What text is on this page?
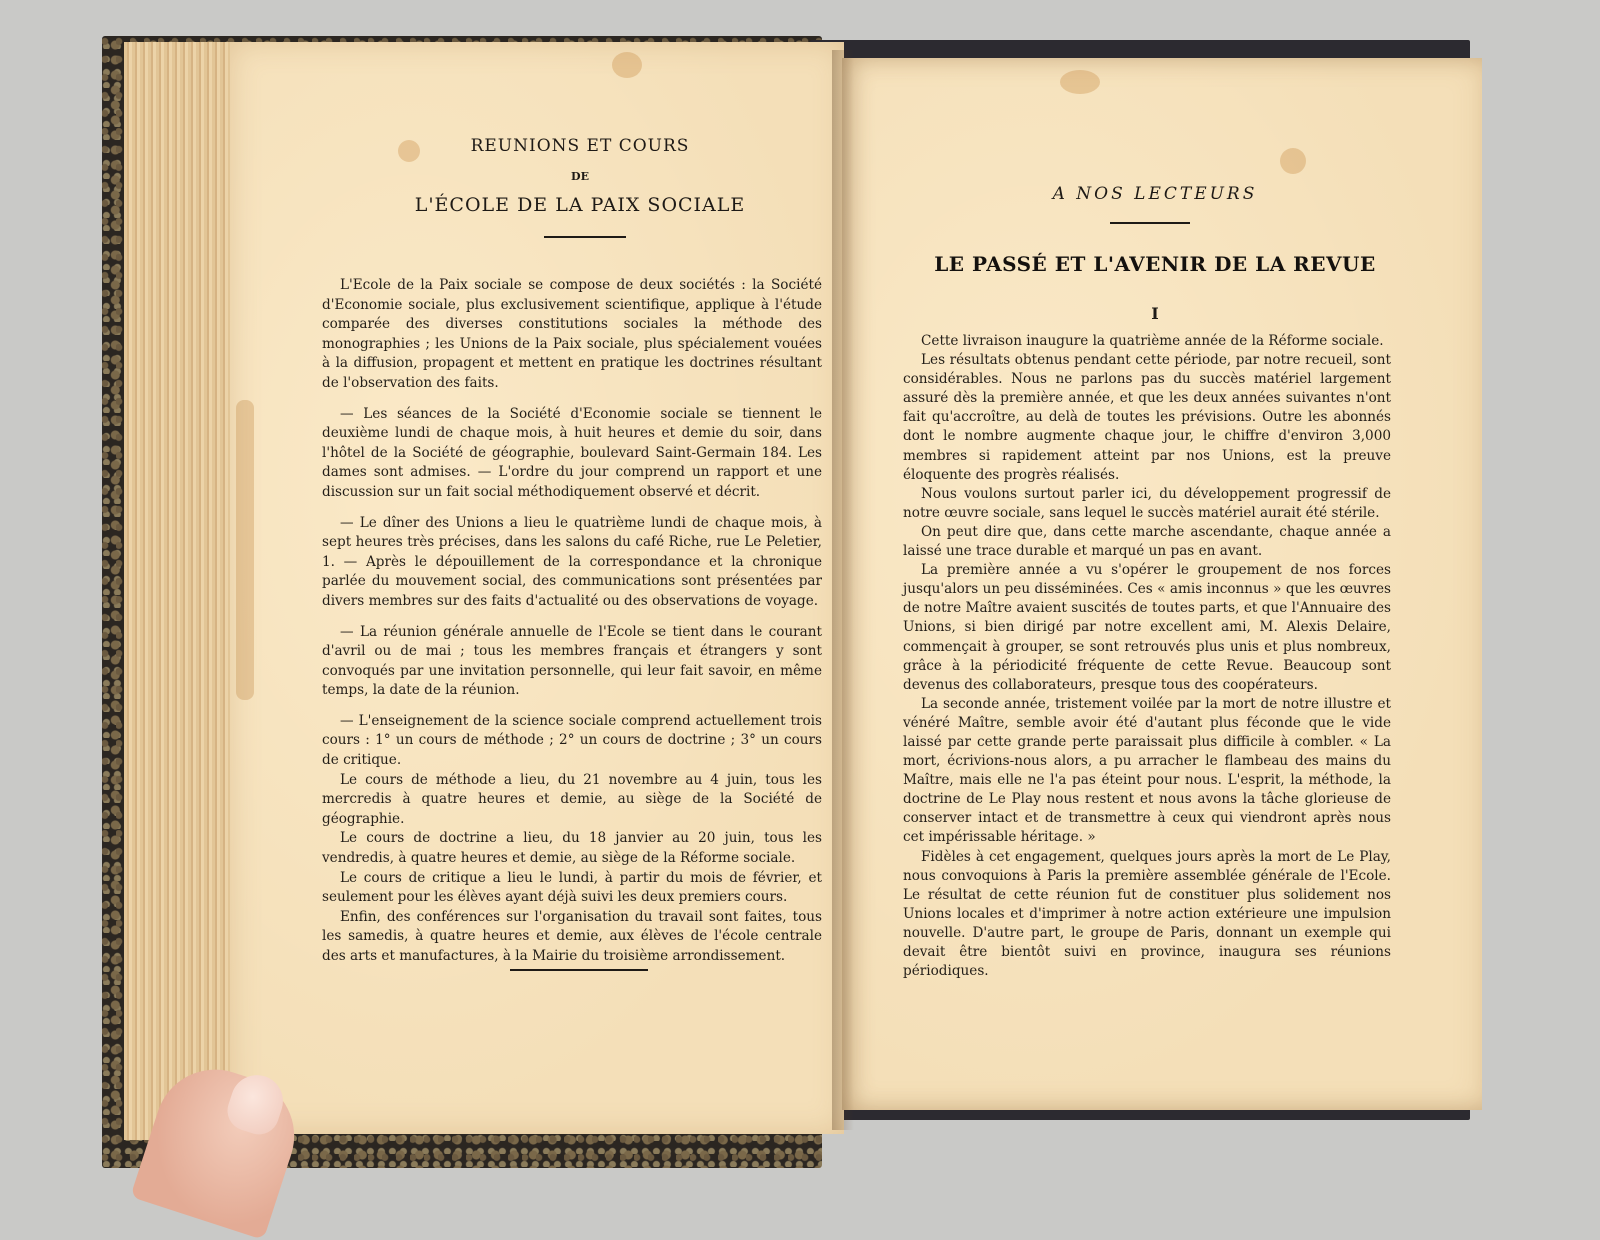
REUNIONS ET COURS
DE
L'ÉCOLE DE LA PAIX SOCIALE

L'Ecole de la Paix sociale se compose de deux sociétés : la Société d'Economie sociale, plus exclusivement scientifique, applique à l'étude comparée des diverses constitutions sociales la méthode des monographies ; les Unions de la Paix sociale, plus spécialement vouées à la diffusion, propagent et mettent en pratique les doctrines résultant de l'observation des faits.

— Les séances de la Société d'Economie sociale se tiennent le deuxième lundi de chaque mois, à huit heures et demie du soir, dans l'hôtel de la Société de géographie, boulevard Saint-Germain 184. Les dames sont admises. — L'ordre du jour comprend un rapport et une discussion sur un fait social méthodiquement observé et décrit.

— Le dîner des Unions a lieu le quatrième lundi de chaque mois, à sept heures très précises, dans les salons du café Riche, rue Le Peletier, 1. — Après le dépouillement de la correspondance et la chronique parlée du mouvement social, des communications sont présentées par divers membres sur des faits d'actualité ou des observations de voyage.

— La réunion générale annuelle de l'Ecole se tient dans le courant d'avril ou de mai ; tous les membres français et étrangers y sont convoqués par une invitation personnelle, qui leur fait savoir, en même temps, la date de la réunion.

— L'enseignement de la science sociale comprend actuellement trois cours : 1° un cours de méthode ; 2° un cours de doctrine ; 3° un cours de critique.

Le cours de méthode a lieu, du 21 novembre au 4 juin, tous les mercredis à quatre heures et demie, au siège de la Société de géographie.

Le cours de doctrine a lieu, du 18 janvier au 20 juin, tous les vendredis, à quatre heures et demie, au siège de la Réforme sociale.

Le cours de critique a lieu le lundi, à partir du mois de février, et seulement pour les élèves ayant déjà suivi les deux premiers cours.

Enfin, des conférences sur l'organisation du travail sont faites, tous les samedis, à quatre heures et demie, aux élèves de l'école centrale des arts et manufactures, à la Mairie du troisième arrondissement.

A NOS LECTEURS
LE PASSÉ ET L'AVENIR DE LA REVUE
I

Cette livraison inaugure la quatrième année de la Réforme sociale.

Les résultats obtenus pendant cette période, par notre recueil, sont considérables. Nous ne parlons pas du succès matériel largement assuré dès la première année, et que les deux années suivantes n'ont fait qu'accroître, au delà de toutes les prévisions. Outre les abonnés dont le nombre augmente chaque jour, le chiffre d'environ 3,000 membres si rapidement atteint par nos Unions, est la preuve éloquente des progrès réalisés.

Nous voulons surtout parler ici, du développement progressif de notre œuvre sociale, sans lequel le succès matériel aurait été stérile.

On peut dire que, dans cette marche ascendante, chaque année a laissé une trace durable et marqué un pas en avant.

La première année a vu s'opérer le groupement de nos forces jusqu'alors un peu disséminées. Ces « amis inconnus » que les œuvres de notre Maître avaient suscités de toutes parts, et que l'Annuaire des Unions, si bien dirigé par notre excellent ami, M. Alexis Delaire, commençait à grouper, se sont retrouvés plus unis et plus nombreux, grâce à la périodicité fréquente de cette Revue. Beaucoup sont devenus des collaborateurs, presque tous des coopérateurs.

La seconde année, tristement voilée par la mort de notre illustre et vénéré Maître, semble avoir été d'autant plus féconde que le vide laissé par cette grande perte paraissait plus difficile à combler. « La mort, écrivions-nous alors, a pu arracher le flambeau des mains du Maître, mais elle ne l'a pas éteint pour nous. L'esprit, la méthode, la doctrine de Le Play nous restent et nous avons la tâche glorieuse de conserver intact et de transmettre à ceux qui viendront après nous cet impérissable héritage. »

Fidèles à cet engagement, quelques jours après la mort de Le Play, nous convoquions à Paris la première assemblée générale de l'Ecole. Le résultat de cette réunion fut de constituer plus solidement nos Unions locales et d'imprimer à notre action extérieure une impulsion nouvelle. D'autre part, le groupe de Paris, donnant un exemple qui devait être bientôt suivi en province, inaugura ses réunions périodiques.
